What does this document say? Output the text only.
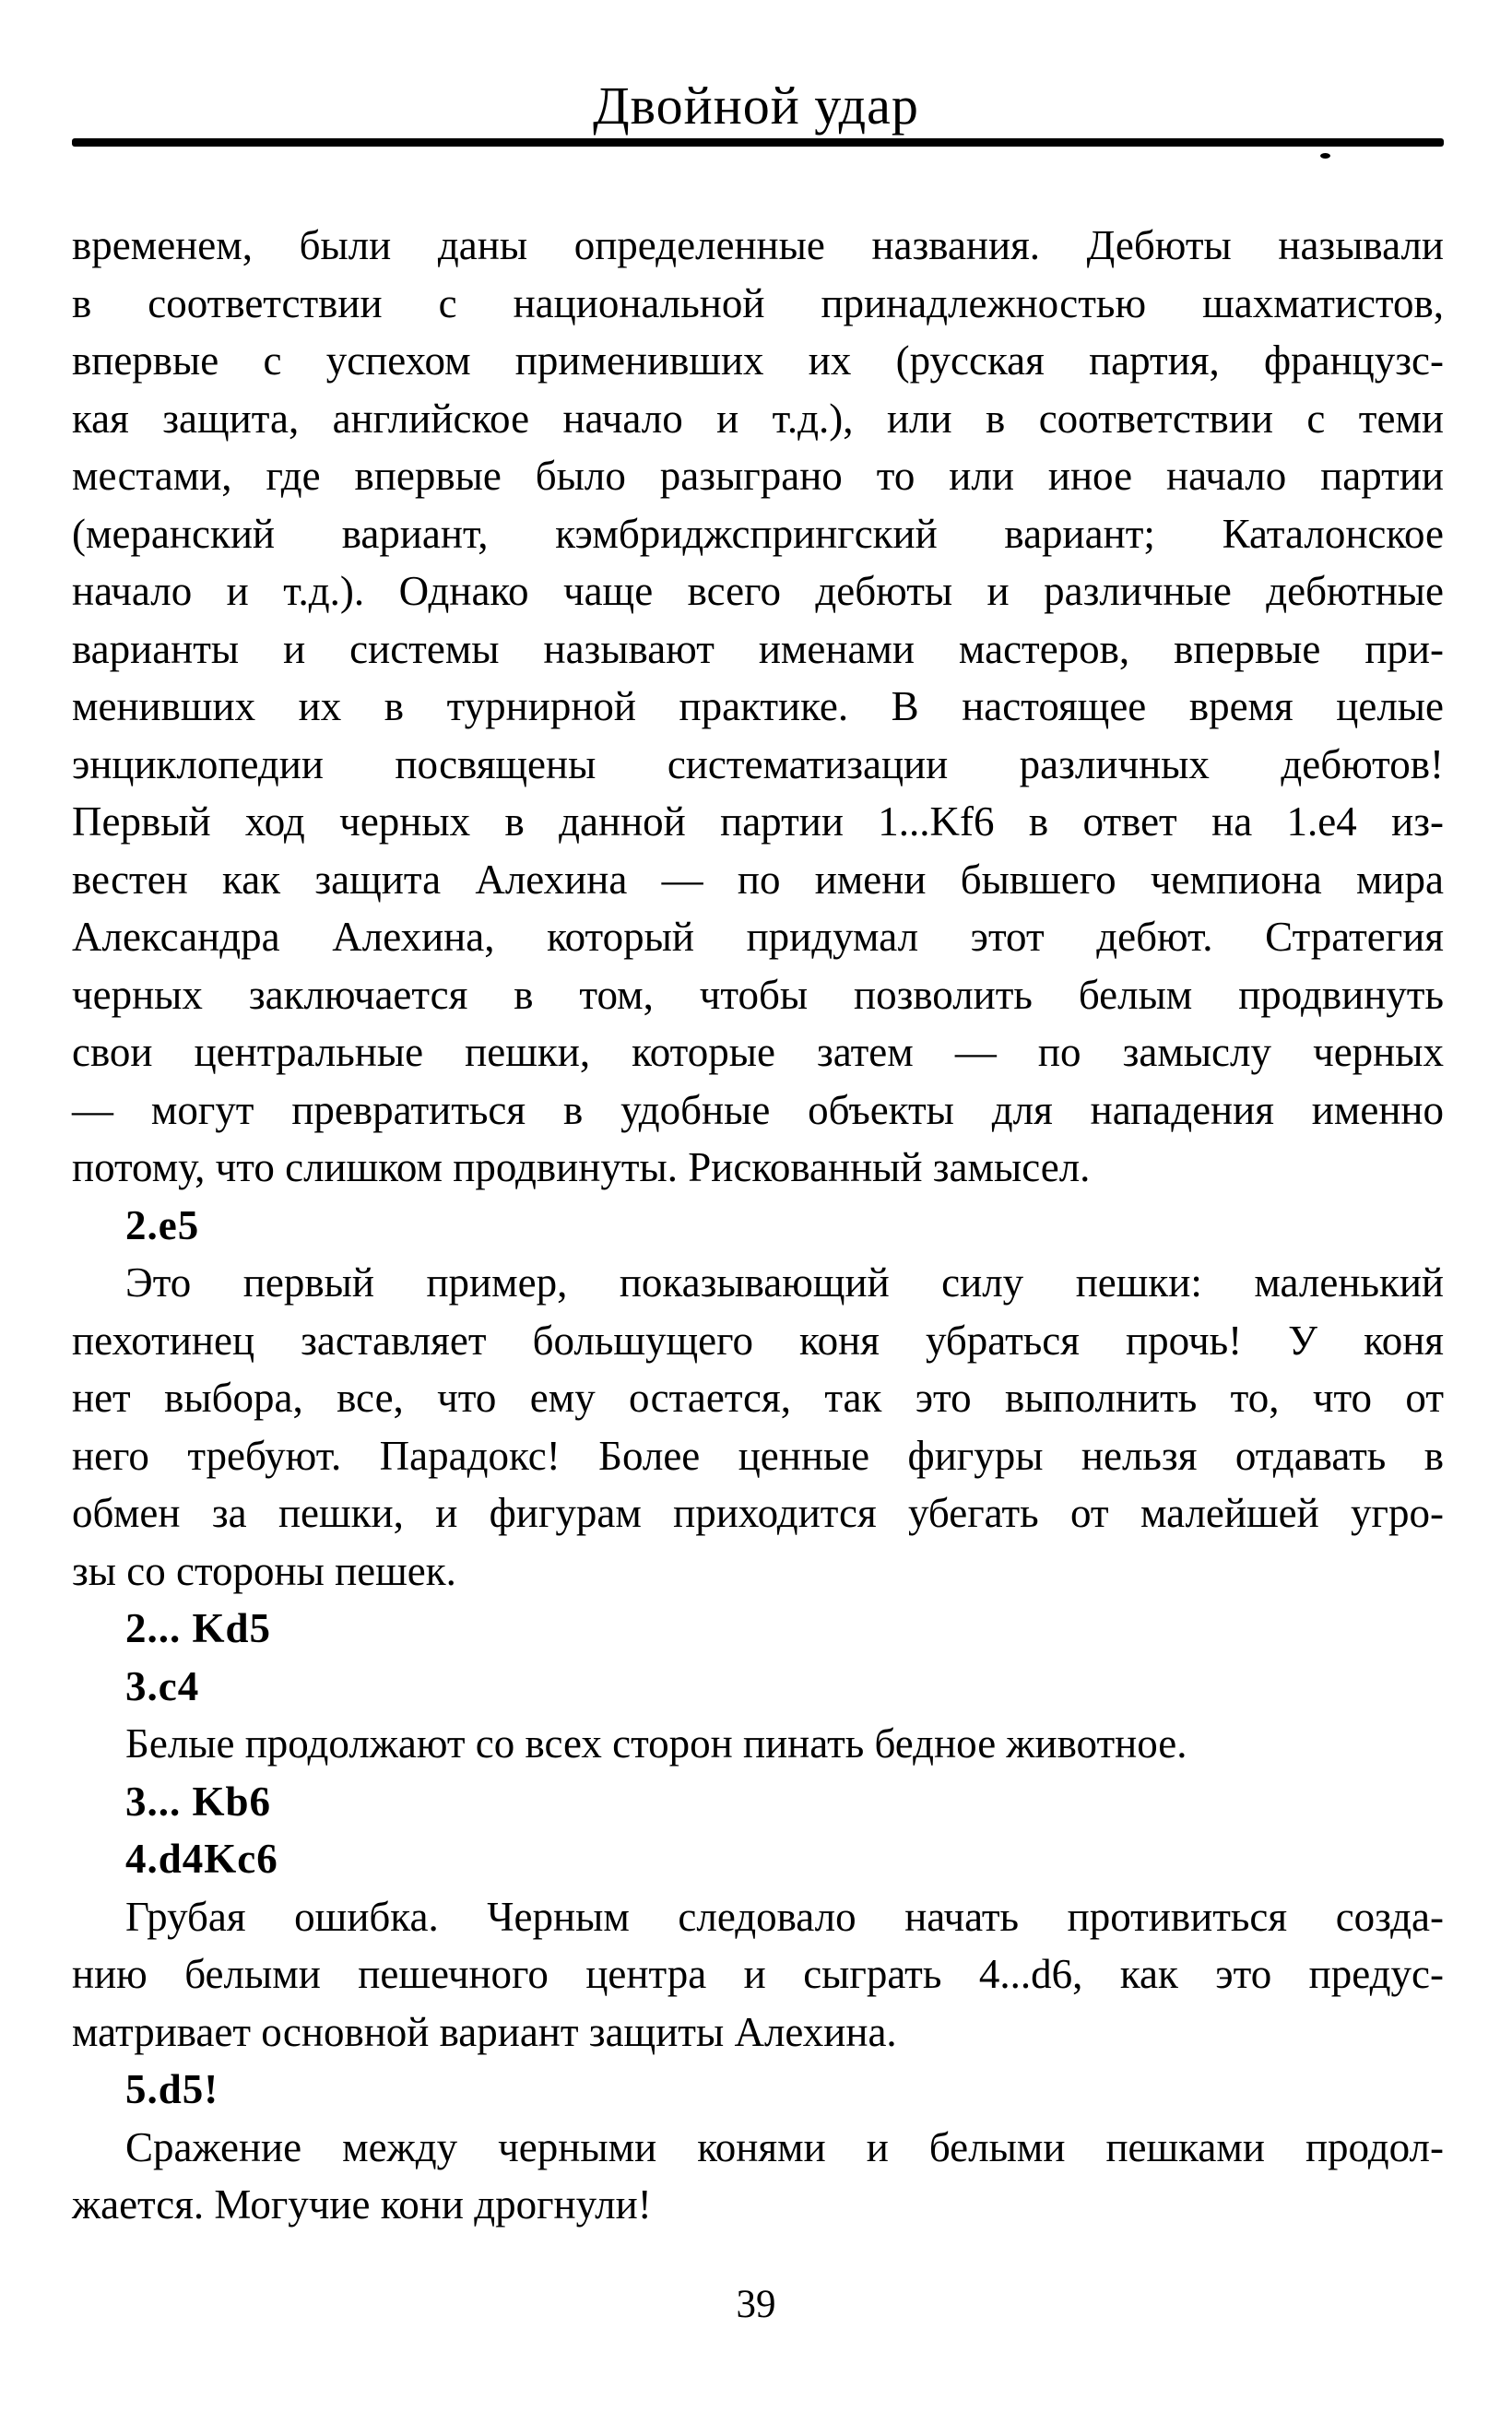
Двойной удар
временем, были даны определенные названия. Дебюты называли
в соответствии с национальной принадлежностью шахматистов,
впервые с успехом применивших их (русская партия, французс-
кая защита, английское начало и т.д.), или в соответствии с теми
местами, где впервые было разыграно то или иное начало партии
(меранский вариант, кэмбриджспрингский вариант; Каталонское
начало и т.д.). Однако чаще всего дебюты и различные дебютные
варианты и системы называют именами мастеров, впервые при-
менивших их в турнирной практике. В настоящее время целые
энциклопедии посвящены систематизации различных дебютов!
Первый ход черных в данной партии 1...Kf6 в ответ на 1.e4 из-
вестен как защита Алехина — по имени бывшего чемпиона мира
Александра Алехина, который придумал этот дебют. Стратегия
черных заключается в том, чтобы позволить белым продвинуть
свои центральные пешки, которые затем — по замыслу черных
— могут превратиться в удобные объекты для нападения именно
потому, что слишком продвинуты. Рискованный замысел.
2.e5
Это первый пример, показывающий силу пешки: маленький
пехотинец заставляет большущего коня убраться прочь! У коня
нет выбора, все, что ему остается, так это выполнить то, что от
него требуют. Парадокс! Более ценные фигуры нельзя отдавать в
обмен за пешки, и фигурам приходится убегать от малейшей угро-
зы со стороны пешек.
2... Kd5
3.c4
Белые продолжают со всех сторон пинать бедное животное.
3... Kb6
4.d4Kc6
Грубая ошибка. Черным следовало начать противиться созда-
нию белыми пешечного центра и сыграть 4...d6, как это предус-
матривает основной вариант защиты Алехина.
5.d5!
Сражение между черными конями и белыми пешками продол-
жается. Могучие кони дрогнули!
39
